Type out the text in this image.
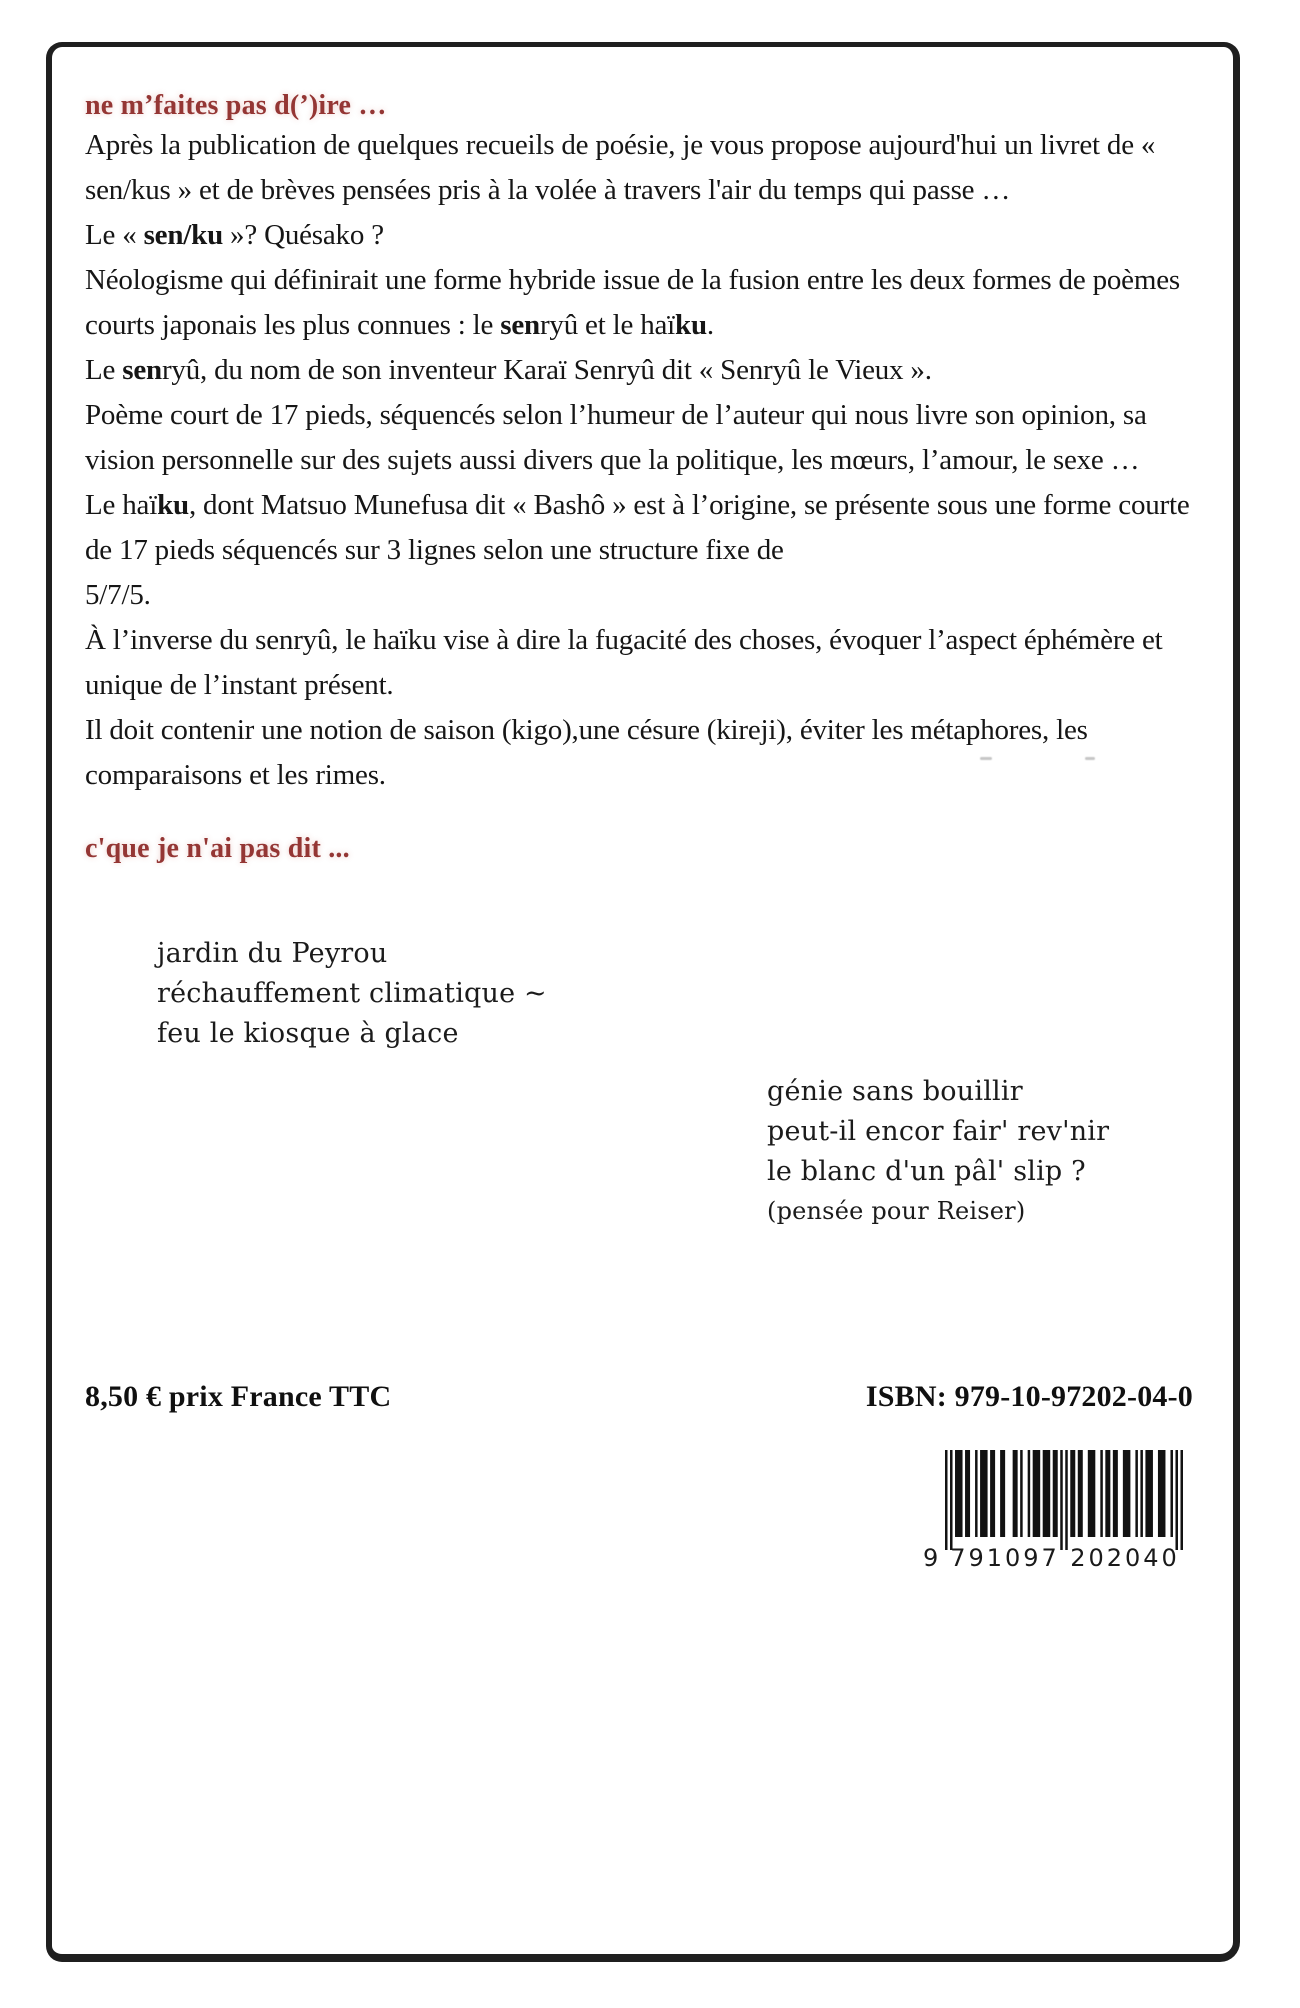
ne m’faites pas d(’)ire …

Après la publication de quelques recueils de poésie, je vous propose aujourd'hui un livret de « sen/kus » et de brèves pensées pris à la volée à travers l'air du temps qui passe …

Le « sen/ku »? Quésako ?

Néologisme qui définirait une forme hybride issue de la fusion entre les deux formes de poèmes courts japonais les plus connues : le senryû et le haïku.

Le senryû, du nom de son inventeur Karaï Senryû dit « Senryû le Vieux ».
Poème court de 17 pieds, séquencés selon l’humeur de l’auteur qui nous livre son opinion, sa vision personnelle sur des sujets aussi divers que la politique, les mœurs, l’amour, le sexe …

Le haïku, dont Matsuo Munefusa dit « Bashô » est à l’origine, se présente sous une forme courte de 17 pieds séquencés sur 3 lignes selon une structure fixe de

5/7/5.

À l’inverse du senryû, le haïku vise à dire la fugacité des choses, évoquer l’aspect éphémère et unique de l’instant présent.

Il doit contenir une notion de saison (kigo),une césure (kireji), éviter les métaphores, les comparaisons et les rimes.

c'que je n'ai pas dit ...
jardin du Peyrou
réchauffement climatique ~
feu le kiosque à glace
génie sans bouillir
peut-il encor fair' rev'nir
le blanc d'un pâl' slip ?
(pensée pour Reiser)
8,50 € prix France TTC	ISBN: 979-10-97202-04-0
9 791097 202040
